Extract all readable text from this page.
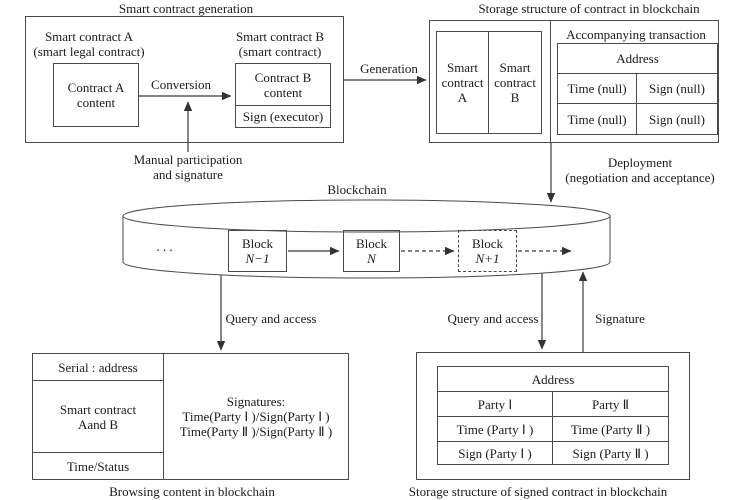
Smart contract generation
Smart contract A
(smart legal contract)
Contract A
content
Conversion
Smart contract B
(smart contract)
Contract B
content
Sign (executor)
Manual participation
and signature
Generation
Storage structure of contract in blockchain
Smart contract A
Smart contract B
Accompanying transaction
Address
Time (null)	Sign (null)
Time (null)	Sign (null)
Deployment
(negotiation and acceptance)
Blockchain
...	Block
N−1
Block
N
Block
N+1
Query and access
Serial : address
Signatures:
Time(Party Ⅰ )/Sign(Party Ⅰ )
Time(Party Ⅱ )/Sign(Party Ⅱ )
Smart contract
Aand B
Time/Status
Browsing content in blockchain
Query and access	Signature
Address
Party Ⅰ	Party Ⅱ
Time (Party Ⅰ )	Time (Party Ⅱ )
Sign (Party Ⅰ )	Sign (Party Ⅱ )
Storage structure of signed contract in blockchain
